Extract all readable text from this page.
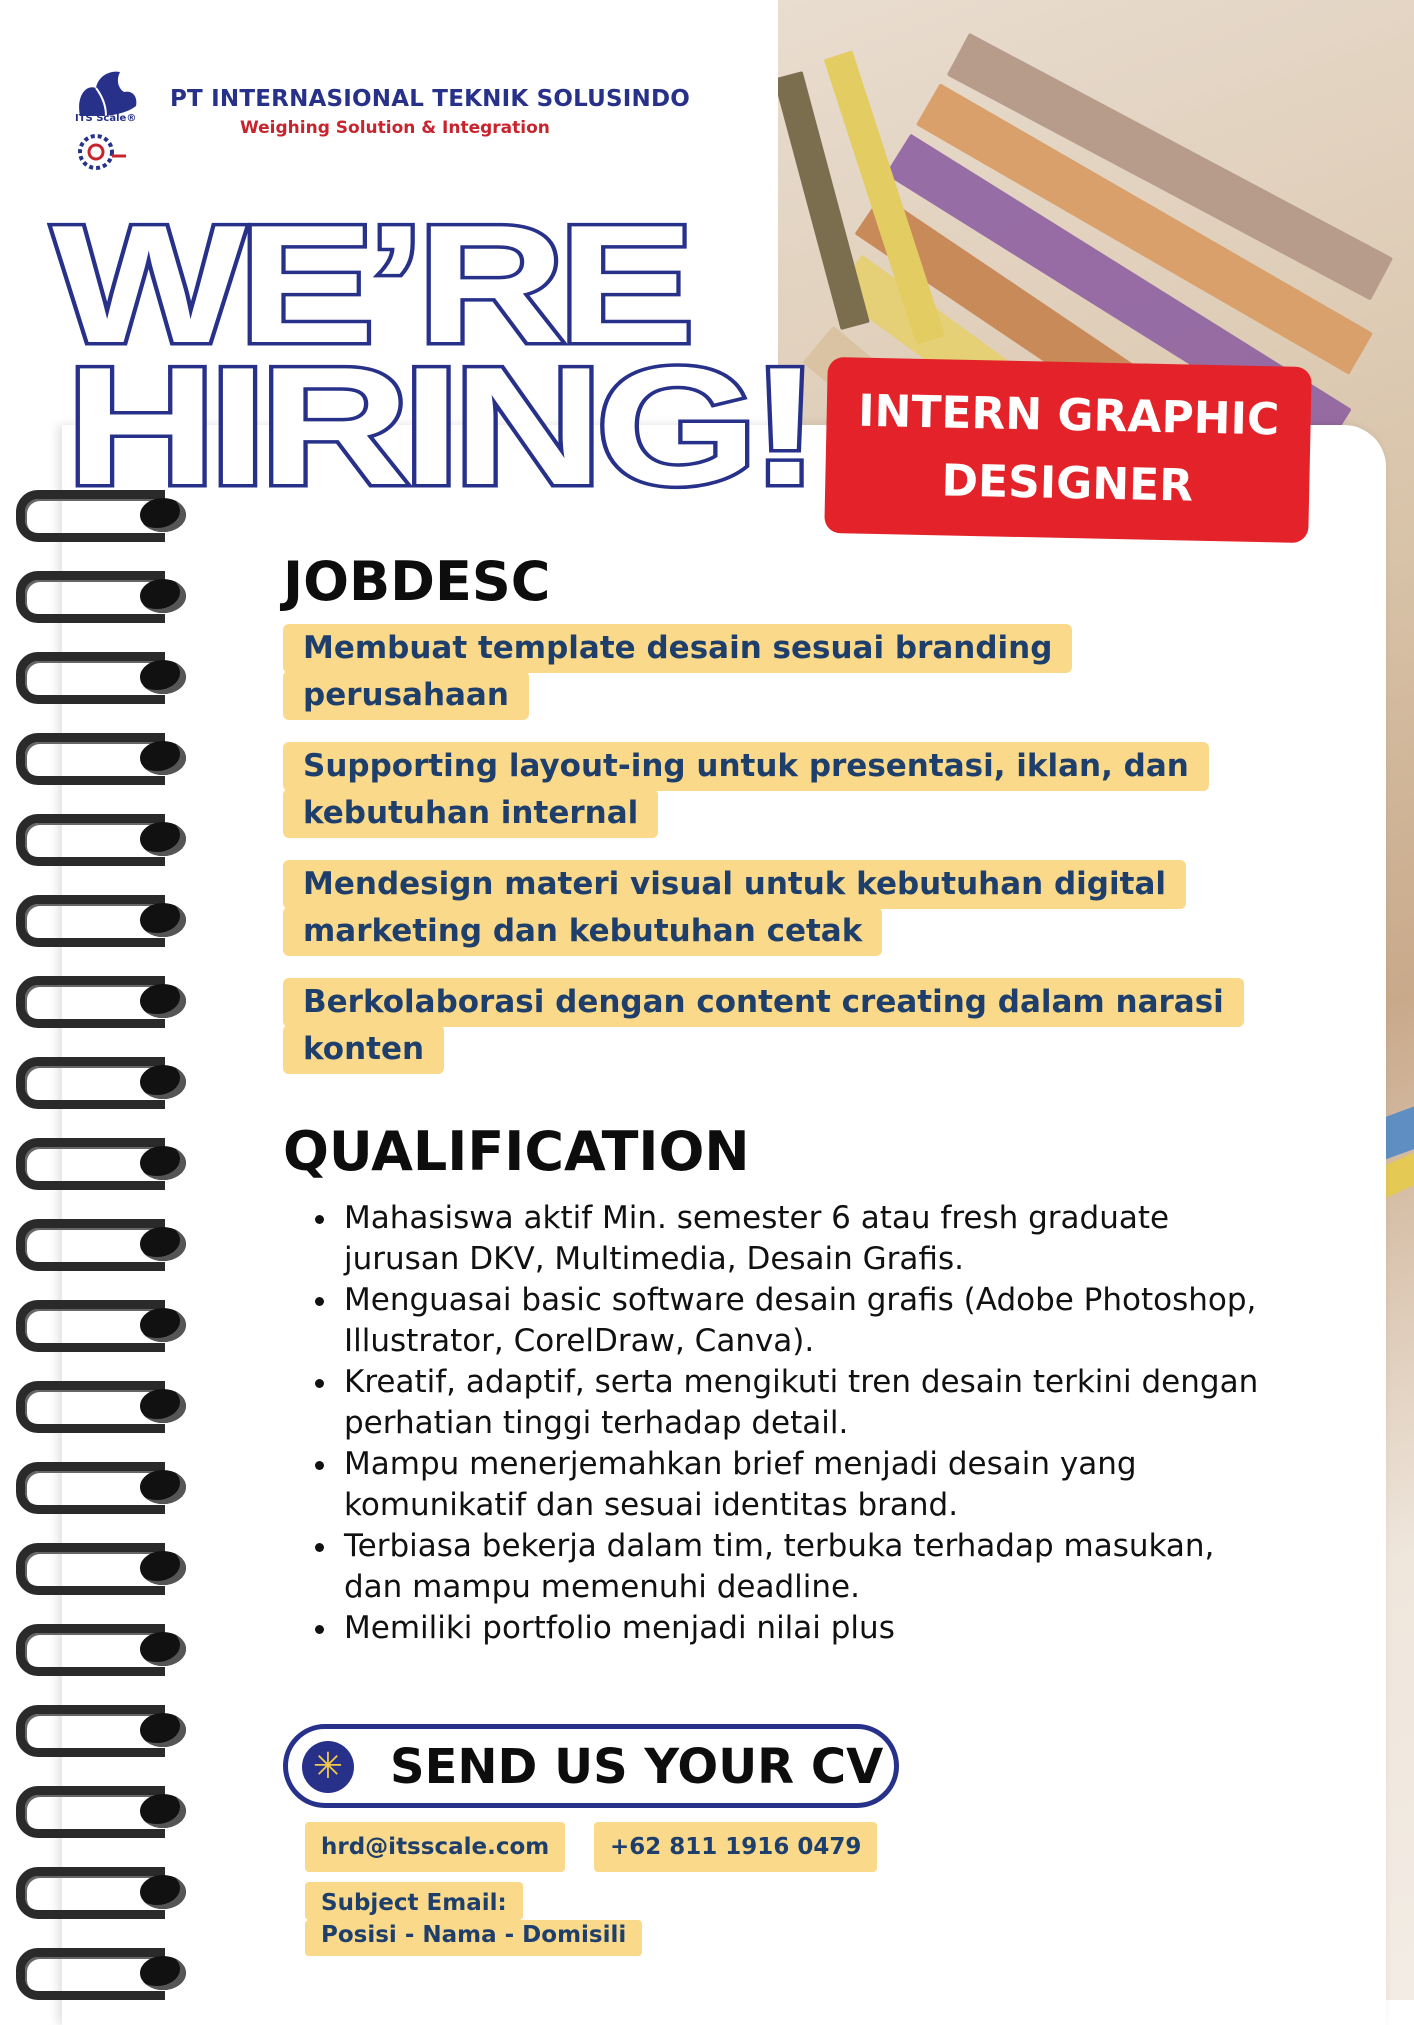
ITS Scale®
PT INTERNASIONAL TEKNIK SOLUSINDO
Weighing Solution & Integration
WE’RE
HIRING!	INTERN GRAPHIC
DESIGNER
JOBDESC
Membuat template desain sesuai branding
perusahaan
Supporting layout-ing untuk presentasi, iklan, dan
kebutuhan internal
Mendesign materi visual untuk kebutuhan digital
marketing dan kebutuhan cetak
Berkolaborasi dengan content creating dalam narasi
konten
QUALIFICATION
• Mahasiswa aktif Min. semester 6 atau fresh graduate jurusan DKV, Multimedia, Desain Grafis.
• Menguasai basic software desain grafis (Adobe Photoshop, Illustrator, CorelDraw, Canva).
• Kreatif, adaptif, serta mengikuti tren desain terkini dengan perhatian tinggi terhadap detail.
• Mampu menerjemahkan brief menjadi desain yang komunikatif dan sesuai identitas brand.
• Terbiasa bekerja dalam tim, terbuka terhadap masukan, dan mampu memenuhi deadline.
• Memiliki portfolio menjadi nilai plus
✳ SEND US YOUR CV
hrd@itsscale.com	+62 811 1916 0479
Subject Email:
Posisi - Nama - Domisili
